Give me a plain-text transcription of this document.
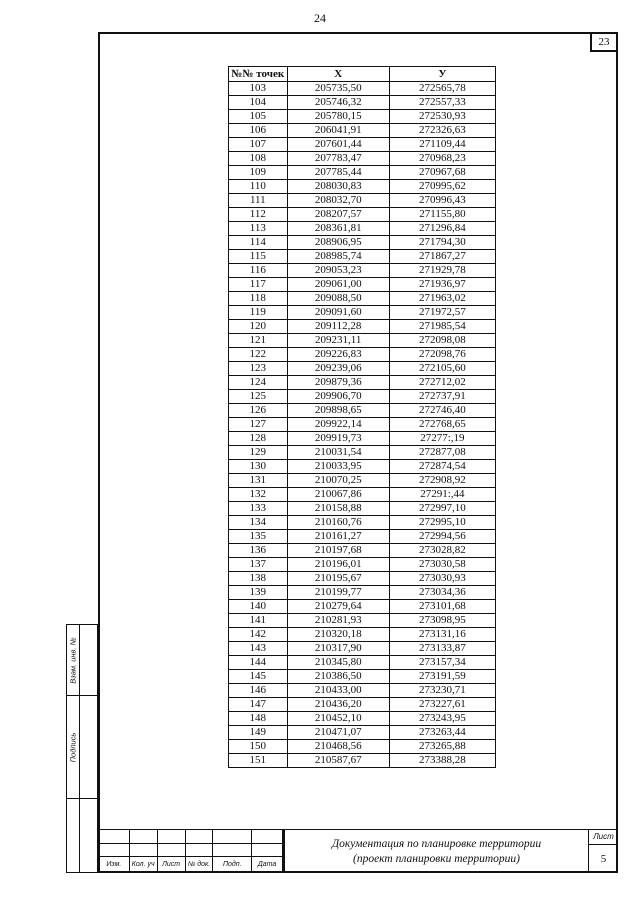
24
23
№№ точек	X	У
103	205735,50	272565,78
104	205746,32	272557,33
105	205780,15	272530,93
106	206041,91	272326,63
107	207601,44	271109,44
108	207783,47	270968,23
109	207785,44	270967,68
110	208030,83	270995,62
111	208032,70	270996,43
112	208207,57	271155,80
113	208361,81	271296,84
114	208906,95	271794,30
115	208985,74	271867,27
116	209053,23	271929,78
117	209061,00	271936,97
118	209088,50	271963,02
119	209091,60	271972,57
120	209112,28	271985,54
121	209231,11	272098,08
122	209226,83	272098,76
123	209239,06	272105,60
124	209879,36	272712,02
125	209906,70	272737,91
126	209898,65	272746,40
127	209922,14	272768,65
128	209919,73	27277:,19
129	210031,54	272877,08
130	210033,95	272874,54
131	210070,25	272908,92
132	210067,86	27291:,44
133	210158,88	272997,10
134	210160,76	272995,10
135	210161,27	272994,56
136	210197,68	273028,82
137	210196,01	273030,58
138	210195,67	273030,93
139	210199,77	273034,36
140	210279,64	273101,68
141	210281,93	273098,95
142	210320,18	273131,16
143	210317,90	273133,87
144	210345,80	273157,34
145	210386,50	273191,59
146	210433,00	273230,71
147	210436,20	273227,61
148	210452,10	273243,95
149	210471,07	273263,44
150	210468,56	273265,88
151	210587,67	273388,28
Взам. инв. №
Подпись

Изм.	Кол. уч	Лист	№ док.	Подп.	Дата
Документация по планировке территории
(проект планировки территории)
Лист
5
